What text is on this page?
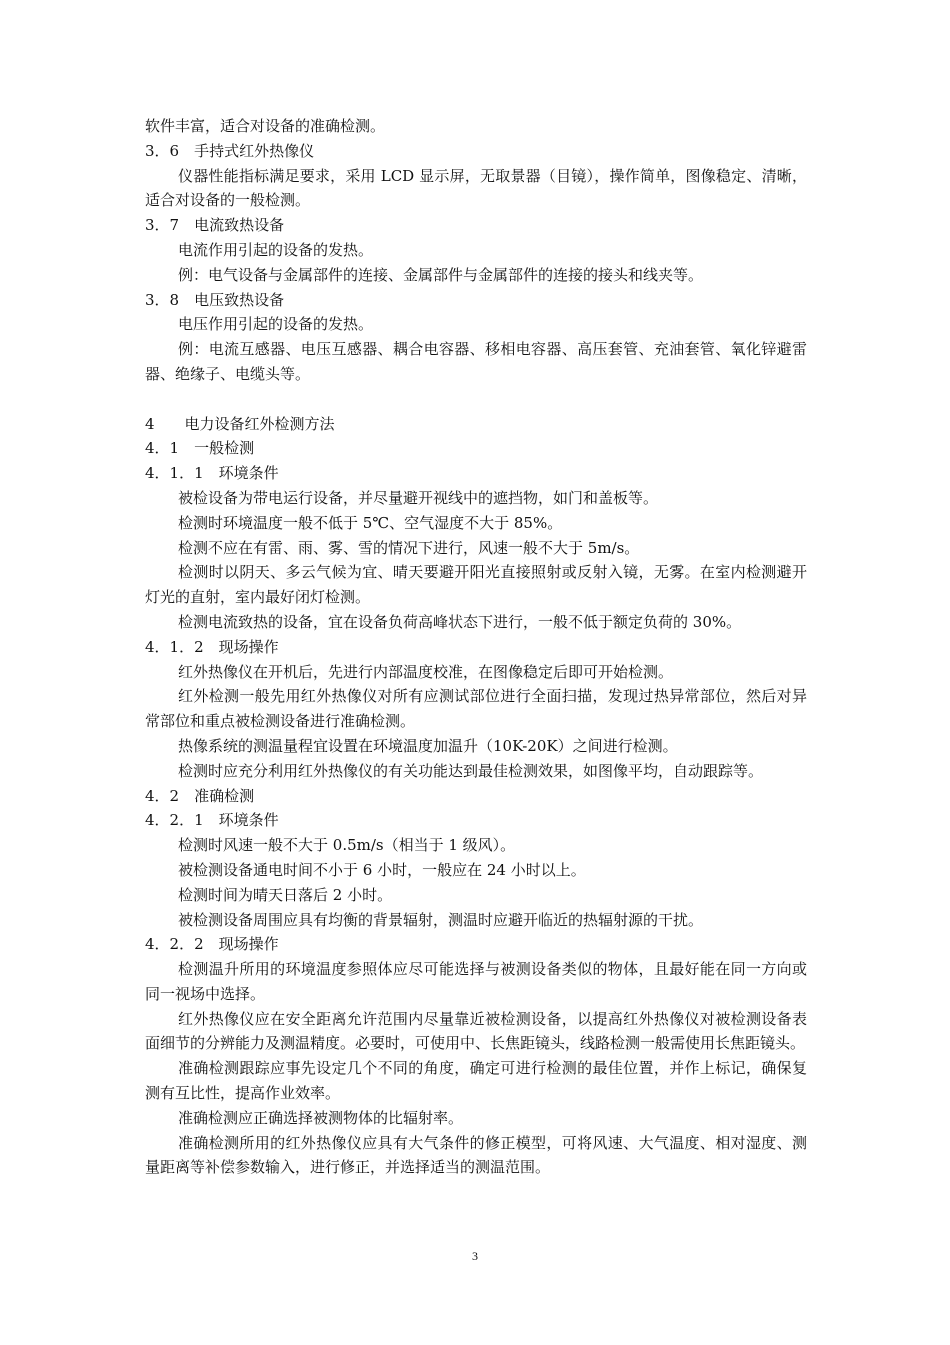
软件丰富，适合对设备的准确检测。

3．6　手持式红外热像仪

仪器性能指标满足要求，采用 LCD 显示屏，无取景器（目镜），操作简单，图像稳定、清晰，适合对设备的一般检测。

3．7　电流致热设备

电流作用引起的设备的发热。

例：电气设备与金属部件的连接、金属部件与金属部件的连接的接头和线夹等。

3．8　电压致热设备

电压作用引起的设备的发热。

例：电流互感器、电压互感器、耦合电容器、移相电容器、高压套管、充油套管、氧化锌避雷器、绝缘子、电缆头等。

4　　电力设备红外检测方法
4．1　一般检测
4．1．1　环境条件

被检设备为带电运行设备，并尽量避开视线中的遮挡物，如门和盖板等。

检测时环境温度一般不低于 5℃、空气湿度不大于 85%。

检测不应在有雷、雨、雾、雪的情况下进行，风速一般不大于 5m/s。

检测时以阴天、多云气候为宜、晴天要避开阳光直接照射或反射入镜，无雾。在室内检测避开灯光的直射，室内最好闭灯检测。

检测电流致热的设备，宜在设备负荷高峰状态下进行，一般不低于额定负荷的 30%。

4．1．2　现场操作

红外热像仪在开机后，先进行内部温度校准，在图像稳定后即可开始检测。

红外检测一般先用红外热像仪对所有应测试部位进行全面扫描，发现过热异常部位，然后对异常部位和重点被检测设备进行准确检测。

热像系统的测温量程宜设置在环境温度加温升（10K-20K）之间进行检测。

检测时应充分利用红外热像仪的有关功能达到最佳检测效果，如图像平均，自动跟踪等。

4．2　准确检测
4．2．1　环境条件

检测时风速一般不大于 0.5m/s（相当于 1 级风）。

被检测设备通电时间不小于 6 小时，一般应在 24 小时以上。

检测时间为晴天日落后 2 小时。

被检测设备周围应具有均衡的背景辐射，测温时应避开临近的热辐射源的干扰。

4．2．2　现场操作

检测温升所用的环境温度参照体应尽可能选择与被测设备类似的物体，且最好能在同一方向或同一视场中选择。

红外热像仪应在安全距离允许范围内尽量靠近被检测设备，以提高红外热像仪对被检测设备表面细节的分辨能力及测温精度。必要时，可使用中、长焦距镜头，线路检测一般需使用长焦距镜头。

准确检测跟踪应事先设定几个不同的角度，确定可进行检测的最佳位置，并作上标记，确保复测有互比性，提高作业效率。

准确检测应正确选择被测物体的比辐射率。

准确检测所用的红外热像仪应具有大气条件的修正模型，可将风速、大气温度、相对湿度、测量距离等补偿参数输入，进行修正，并选择适当的测温范围。

3
